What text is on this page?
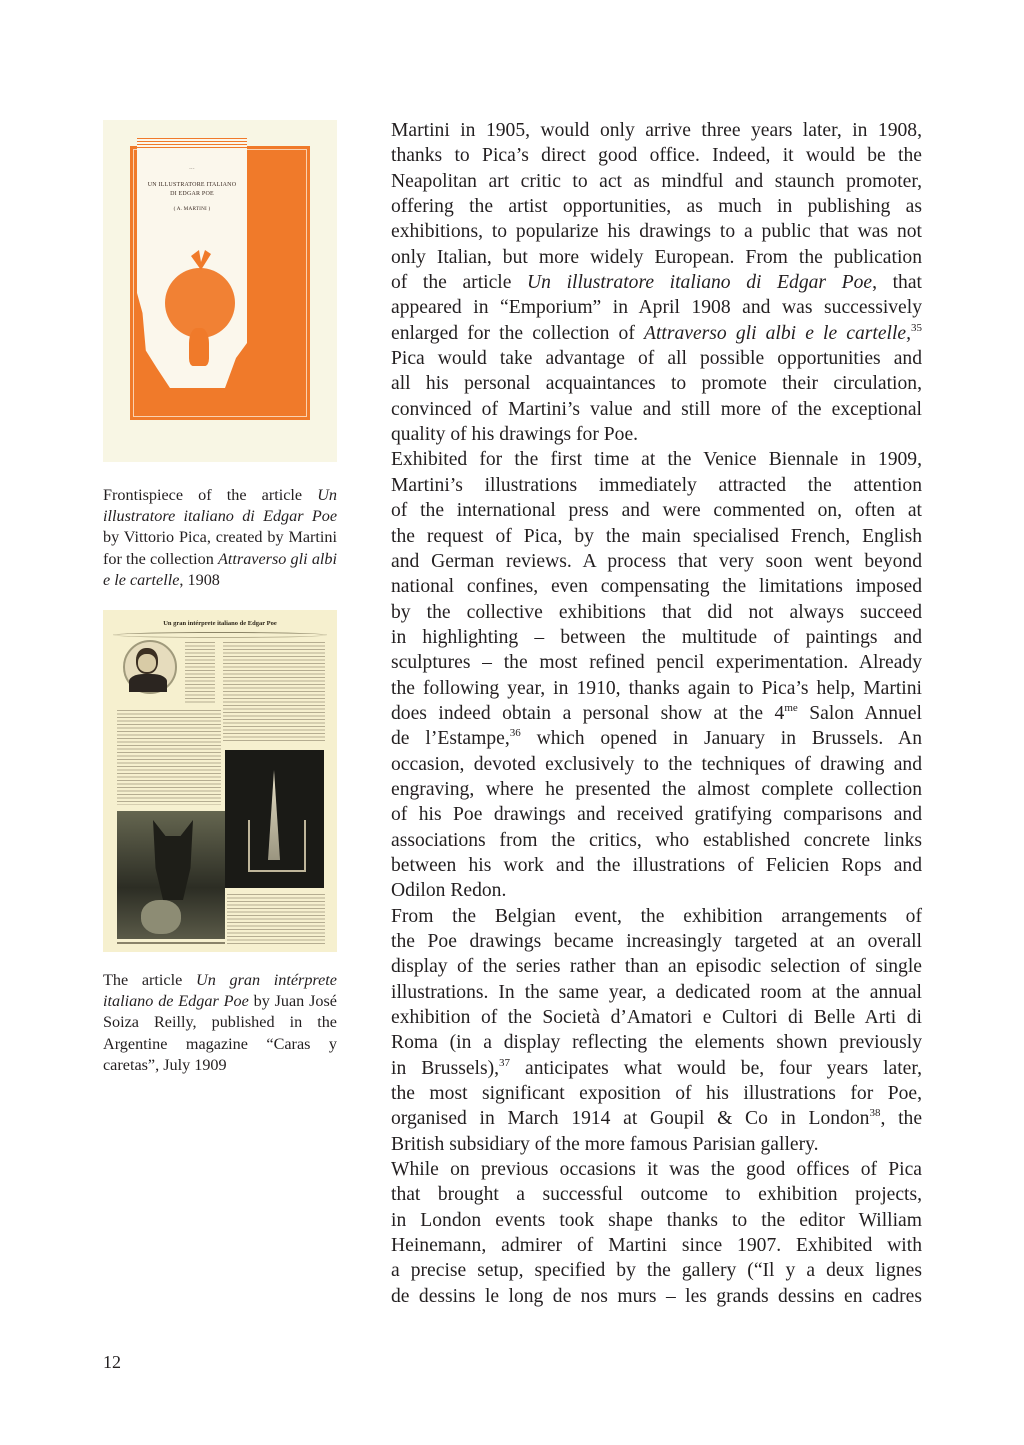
···
UN ILLUSTRATORE ITALIANO
DI EDGAR POE
( A. MARTINI )
Frontispiece of the article Un illustratore italiano di Edgar Poe by Vittorio Pica, created by Martini for the collection Attraverso gli albi e le cartelle, 1908
Un gran intérprete italiano de Edgar Poe
The article Un gran intérprete italiano de Edgar Poe by Juan José Soiza Reilly, published in the Argentine magazine “Caras y caretas”, July 1909
Martini in 1905, would only arrive three years later, in 1908,
thanks to Pica’s direct good office. Indeed, it would be the
Neapolitan art critic to act as mindful and staunch promoter,
offering the artist opportunities, as much in publishing as
exhibitions, to popularize his drawings to a public that was not
only Italian, but more widely European. From the publication
of the article Un illustratore italiano di Edgar Poe, that
appeared in “Emporium” in April 1908 and was successively
enlarged for the collection of Attraverso gli albi e le cartelle,$^{35}$
Pica would take advantage of all possible opportunities and
all his personal acquaintances to promote their circulation,
convinced of Martini’s value and still more of the exceptional
quality of his drawings for Poe.
Exhibited for the first time at the Venice Biennale in 1909,
Martini’s illustrations immediately attracted the attention
of the international press and were commented on, often at
the request of Pica, by the main specialised French, English
and German reviews. A process that very soon went beyond
national confines, even compensating the limitations imposed
by the collective exhibitions that did not always succeed
in highlighting – between the multitude of paintings and
sculptures – the most refined pencil experimentation. Already
the following year, in 1910, thanks again to Pica’s help, Martini
does indeed obtain a personal show at the $4^{me}$ Salon Annuel
de l’Estampe,$^{36}$ which opened in January in Brussels. An
occasion, devoted exclusively to the techniques of drawing and
engraving, where he presented the almost complete collection
of his Poe drawings and received gratifying comparisons and
associations from the critics, who established concrete links
between his work and the illustrations of Felicien Rops and
Odilon Redon.
From the Belgian event, the exhibition arrangements of
the Poe drawings became increasingly targeted at an overall
display of the series rather than an episodic selection of single
illustrations. In the same year, a dedicated room at the annual
exhibition of the Società d’Amatori e Cultori di Belle Arti di
Roma (in a display reflecting the elements shown previously
in Brussels),$^{37}$ anticipates what would be, four years later,
the most significant exposition of his illustrations for Poe,
organised in March 1914 at Goupil & Co in London$^{38}$, the
British subsidiary of the more famous Parisian gallery.
While on previous occasions it was the good offices of Pica
that brought a successful outcome to exhibition projects,
in London events took shape thanks to the editor William
Heinemann, admirer of Martini since 1907. Exhibited with
a precise setup, specified by the gallery (“Il y a deux lignes
de dessins le long de nos murs – les grands dessins en cadres
12
